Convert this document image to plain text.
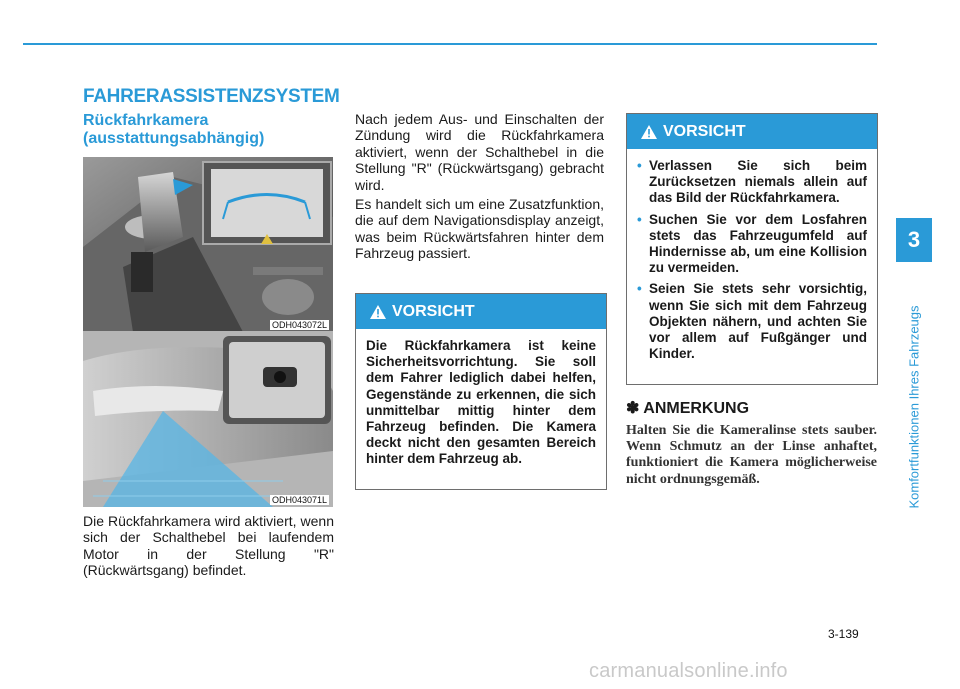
FAHRERASSISTENZSYSTEM
Rückfahrkamera (ausstattungsabhängig)
ODH043072L
ODH043071L
Die Rückfahrkamera wird aktiviert, wenn sich der Schalthebel bei laufendem Motor in der Stellung "R" (Rückwärtsgang) befindet.
Nach jedem Aus- und Einschalten der Zündung wird die Rückfahrkamera aktiviert, wenn der Schalthebel in die Stellung "R" (Rückwärtsgang) gebracht wird.
Es handelt sich um eine Zusatzfunktion, die auf dem Navigationsdisplay anzeigt, was beim Rückwärtsfahren hinter dem Fahrzeug passiert.
VORSICHT
Die Rückfahrkamera ist keine Sicherheitsvorrichtung. Sie soll dem Fahrer lediglich dabei helfen, Gegenstände zu erkennen, die sich unmittelbar mittig hinter dem Fahrzeug befinden. Die Kamera deckt nicht den gesamten Bereich hinter dem Fahrzeug ab.
VORSICHT
• Verlassen Sie sich beim Zurücksetzen niemals allein auf das Bild der Rückfahrkamera.
• Suchen Sie vor dem Losfahren stets das Fahrzeugumfeld auf Hindernisse ab, um eine Kollision zu vermeiden.
• Seien Sie stets sehr vorsichtig, wenn Sie sich mit dem Fahrzeug Objekten nähern, und achten Sie vor allem auf Fußgänger und Kinder.
✽ ANMERKUNG
Halten Sie die Kameralinse stets sauber. Wenn Schmutz an der Linse anhaftet, funktioniert die Kamera möglicherweise nicht ordnungsgemäß.
3
Komfortfunktionen Ihres Fahrzeugs
3-139
carmanualsonline.info
